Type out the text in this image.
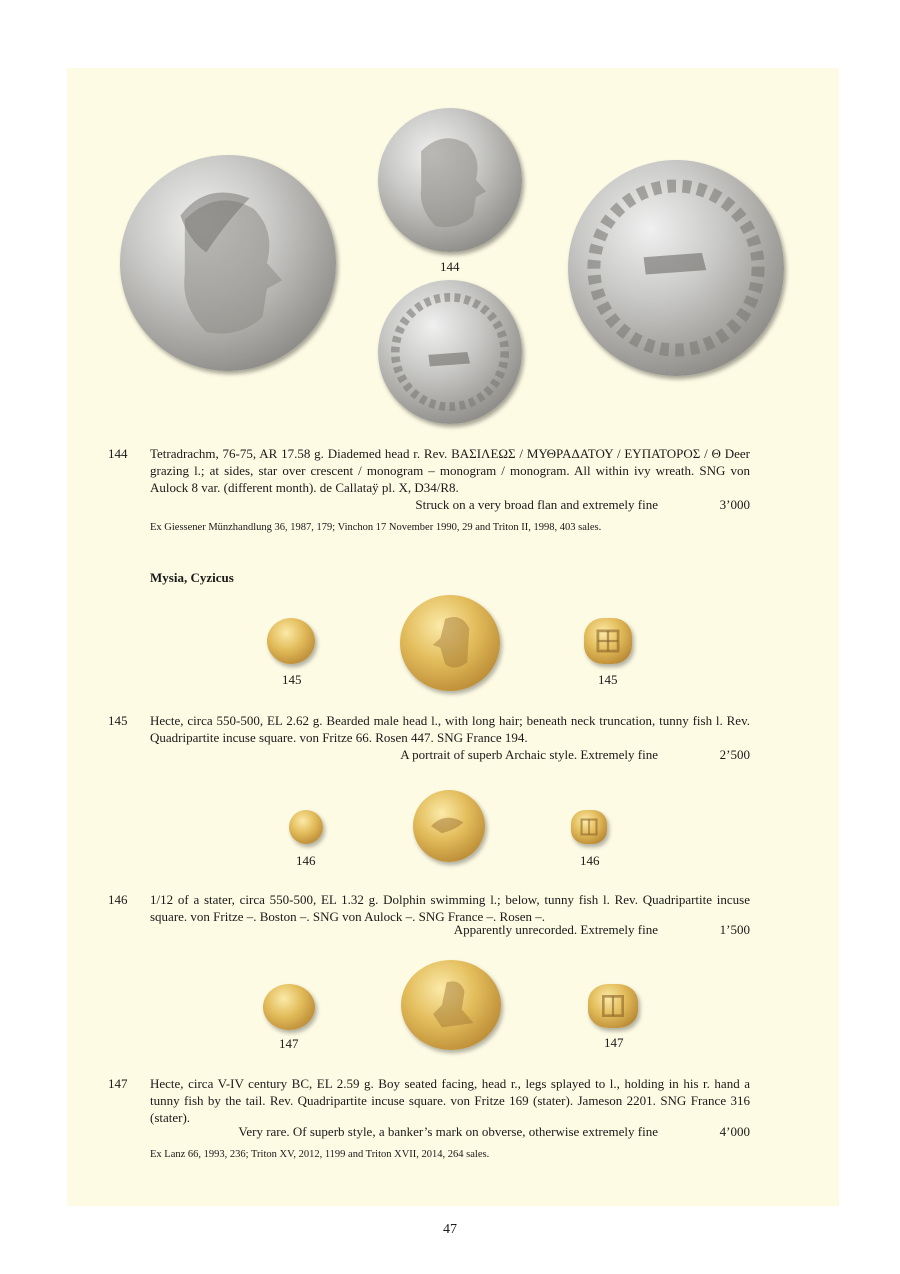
144
144 Tetradrachm, 76-75, AR 17.58 g. Diademed head r. Rev. ΒΑΣΙΛΕΩΣ / ΜΥΘΡΑΔΑΤΟΥ / ΕΥΠΑΤΟΡΟΣ / Θ Deer grazing l.; at sides, star over crescent / monogram – monogram / monogram. All within ivy wreath. SNG von Aulock 8 var. (different month). de Callataÿ pl. X, D34/R8.
Struck on a very broad flan and extremely fine	3’000
Ex Giessener Münzhandlung 36, 1987, 179; Vinchon 17 November 1990, 29 and Triton II, 1998, 403 sales.
Mysia, Cyzicus
145	145
145 Hecte, circa 550-500, EL 2.62 g. Bearded male head l., with long hair; beneath neck truncation, tunny fish l. Rev. Quadripartite incuse square. von Fritze 66. Rosen 447. SNG France 194.
A portrait of superb Archaic style. Extremely fine	2’500
146	146
146 1/12 of a stater, circa 550-500, EL 1.32 g. Dolphin swimming l.; below, tunny fish l. Rev. Quadripartite incuse square. von Fritze –. Boston –. SNG von Aulock –. SNG France –. Rosen –.
Apparently unrecorded. Extremely fine	1’500
147	147
147 Hecte, circa V-IV century BC, EL 2.59 g. Boy seated facing, head r., legs splayed to l., holding in his r. hand a tunny fish by the tail. Rev. Quadripartite incuse square. von Fritze 169 (stater). Jameson 2201. SNG France 316 (stater).
Very rare. Of superb style, a banker’s mark on obverse, otherwise extremely fine	4’000
Ex Lanz 66, 1993, 236; Triton XV, 2012, 1199 and Triton XVII, 2014, 264 sales.
47
